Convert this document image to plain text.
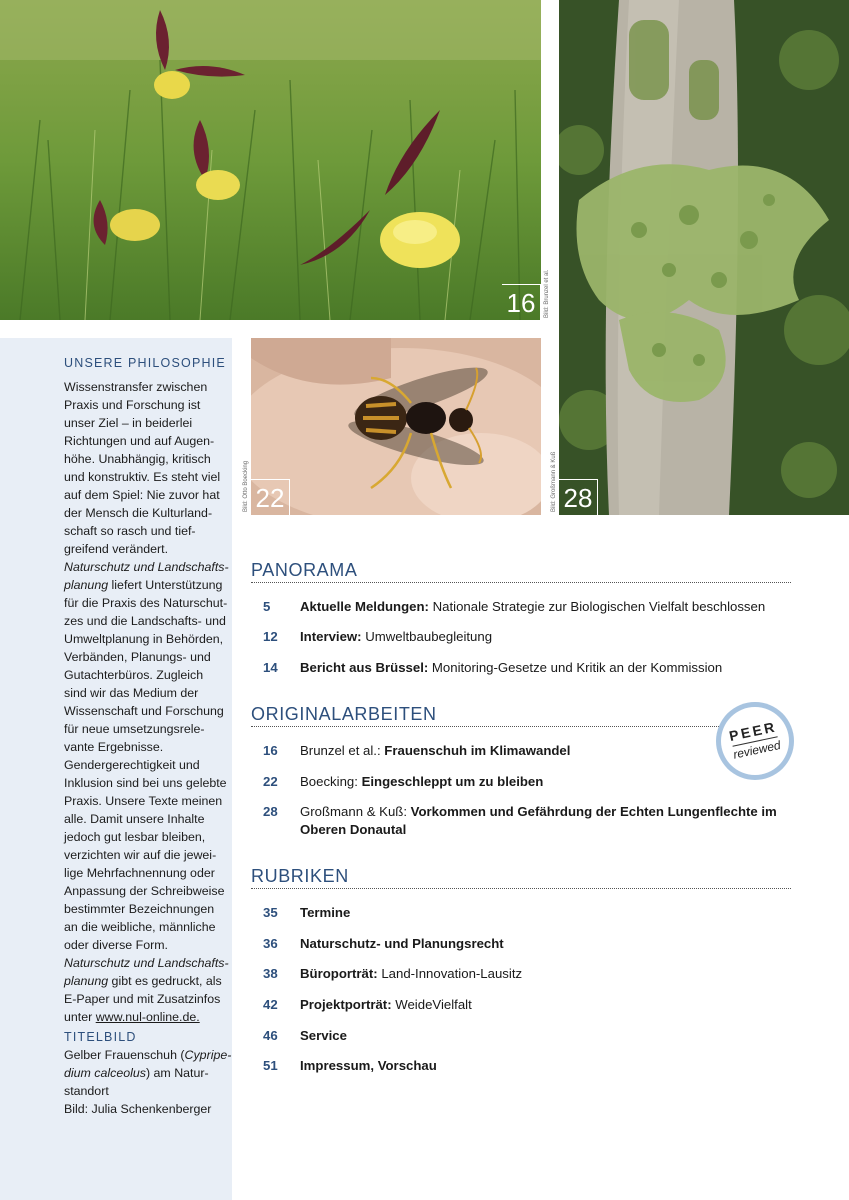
16	Bild: Brunzel et al.
22
Bild: Otto Boecking	28
Bild: Großmann & Kuß
UNSERE PHILOSOPHIE
Wissenstransfer zwischen
Praxis und Forschung ist
unser Ziel – in beiderlei
Richtungen und auf Augen-
höhe. Unabhängig, kritisch
und konstruktiv. Es steht viel
auf dem Spiel: Nie zuvor hat
der Mensch die Kulturland-
schaft so rasch und tief-
greifend verändert.
Naturschutz und Landschafts-
planung liefert Unterstützung
für die Praxis des Naturschut-
zes und die Landschafts- und
Umweltplanung in Behörden,
Verbänden, Planungs- und
Gutachterbüros. Zugleich
sind wir das Medium der
Wissenschaft und Forschung
für neue umsetzungsrele-
vante Ergebnisse.
Gendergerechtigkeit und
Inklusion sind bei uns gelebte
Praxis. Unsere Texte meinen
alle. Damit unsere Inhalte
jedoch gut lesbar bleiben,
verzichten wir auf die jewei-
lige Mehrfachnennung oder
Anpassung der Schreibweise
bestimmter Bezeichnungen
an die weibliche, männliche
oder diverse Form.
Naturschutz und Landschafts-
planung gibt es gedruckt, als
E-Paper und mit Zusatzinfos
unter www.nul-online.de.
TITELBILD
Gelber Frauenschuh (Cypripe-
dium calceolus) am Natur-
standort
Bild: Julia Schenkenberger
PANORAMA
5 Aktuelle Meldungen: Nationale Strategie zur Biologischen Vielfalt beschlossen
12 Interview: Umweltbaubegleitung
14 Bericht aus Brüssel: Monitoring-Gesetze und Kritik an der Kommission
ORIGINALARBEITEN
16 Brunzel et al.: Frauenschuh im Klimawandel
22 Boecking: Eingeschleppt um zu bleiben
28 Großmann & Kuß: Vorkommen und Gefährdung der Echten Lungenflechte im
Oberen Donautal
PEER
reviewed
RUBRIKEN
35 Termine
36 Naturschutz- und Planungsrecht
38 Büroporträt: Land-Innovation-Lausitz
42 Projektporträt: WeideVielfalt
46 Service
51 Impressum, Vorschau
